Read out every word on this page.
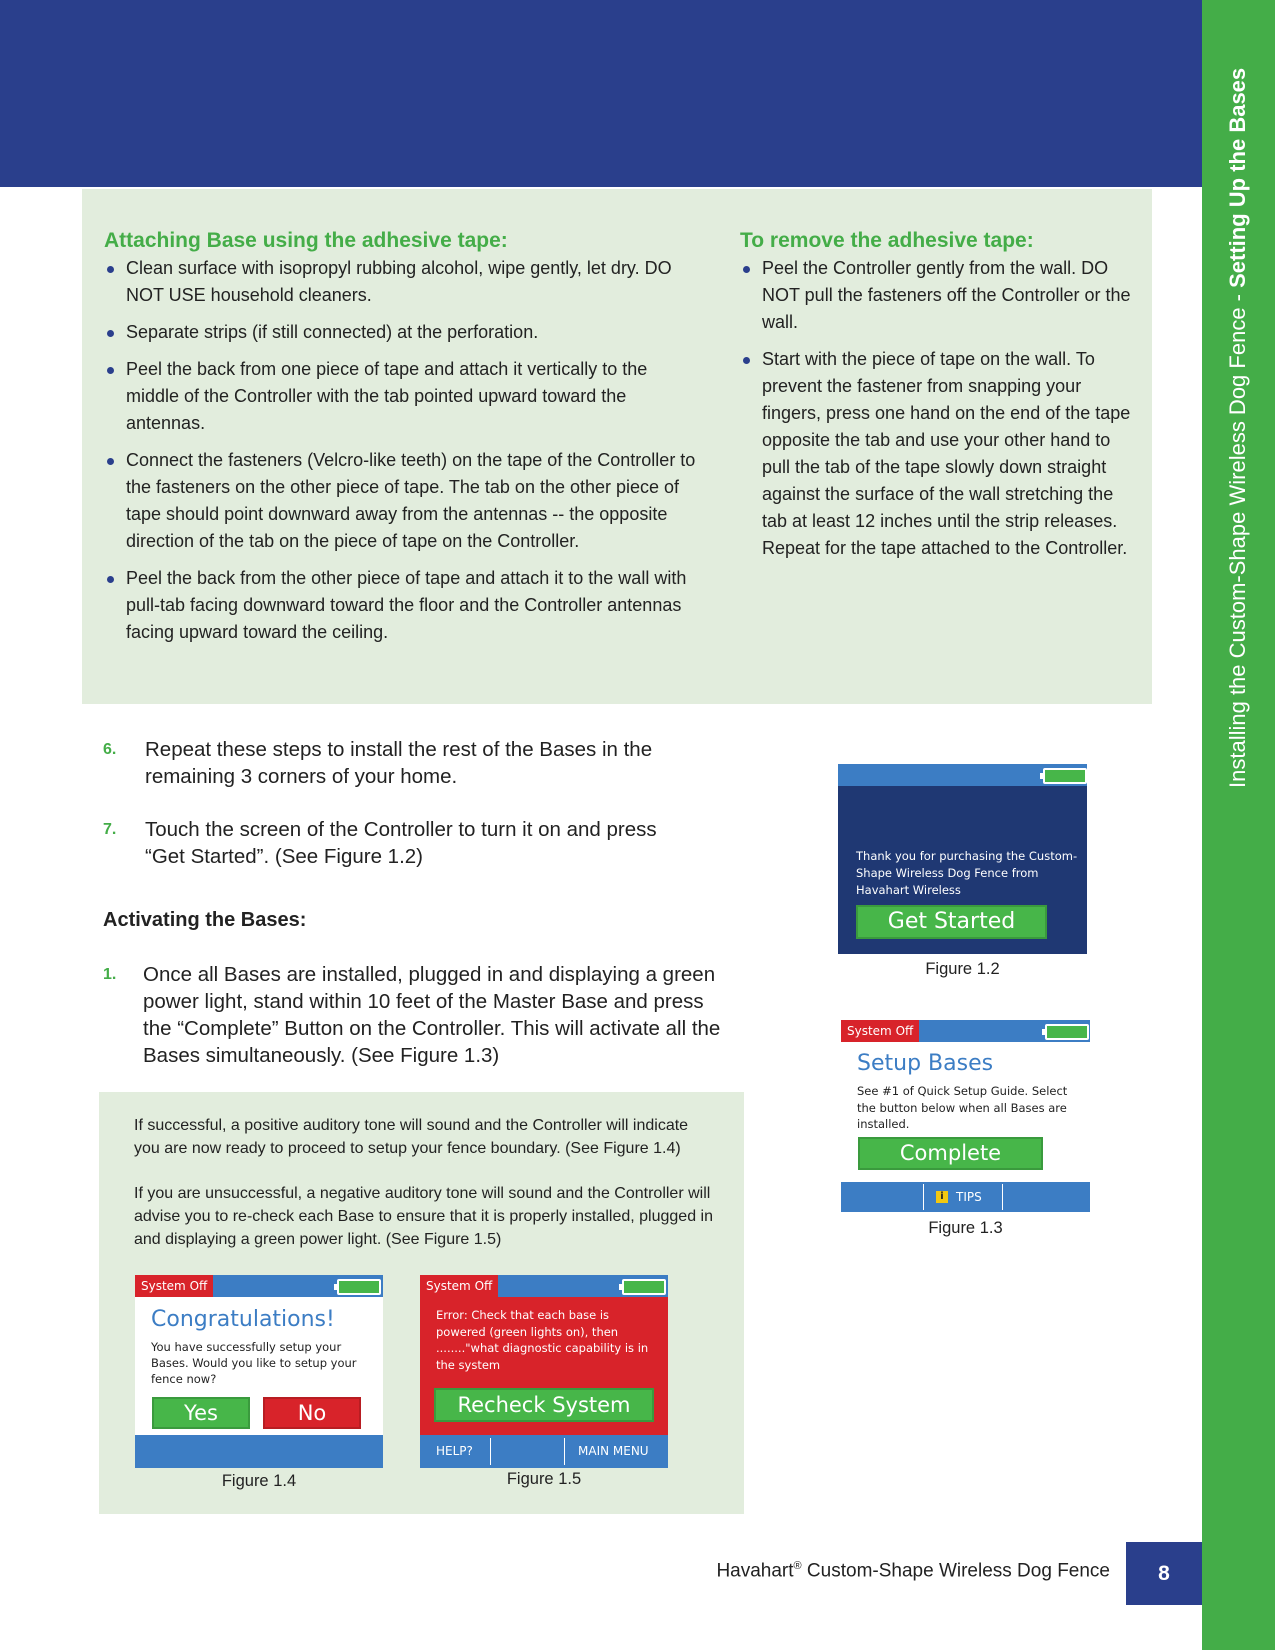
Installing the Custom-Shape Wireless Dog Fence - Setting Up the Bases
Attaching Base using the adhesive tape:
Clean surface with isopropyl rubbing alcohol, wipe gently, let dry. DO NOT USE household cleaners.
Separate strips (if still connected) at the perforation.
Peel the back from one piece of tape and attach it vertically to the middle of the Controller with the tab pointed upward toward the antennas.
Connect the fasteners (Velcro-like teeth) on the tape of the Controller to the fasteners on the other piece of tape. The tab on the other piece of tape should point downward away from the antennas -- the opposite direction of the tab on the piece of tape on the Controller.
Peel the back from the other piece of tape and attach it to the wall with pull-tab facing downward toward the floor and the Controller antennas facing upward toward the ceiling.
To remove the adhesive tape:
Peel the Controller gently from the wall. DO NOT pull the fasteners off the Controller or the wall.
Start with the piece of tape on the wall. To prevent the fastener from snapping your fingers, press one hand on the end of the tape opposite the tab and use your other hand to pull the tab of the tape slowly down straight against the surface of the wall stretching the tab at least 12 inches until the strip releases. Repeat for the tape attached to the Controller.
6. Repeat these steps to install the rest of the Bases in the remaining 3 corners of your home.
7. Touch the screen of the Controller to turn it on and press “Get Started”. (See Figure 1.2)
Activating the Bases:
1. Once all Bases are installed, plugged in and displaying a green power light, stand within 10 feet of the Master Base and press the “Complete” Button on the Controller. This will activate all the Bases simultaneously. (See Figure 1.3)

If successful, a positive auditory tone will sound and the Controller will indicate you are now ready to proceed to setup your fence boundary. (See Figure 1.4)

If you are unsuccessful, a negative auditory tone will sound and the Controller will advise you to re-check each Base to ensure that it is properly installed, plugged in and displaying a green power light. (See Figure 1.5)

System Off
Congratulations!
You have successfully setup your Bases. Would you like to setup your fence now?
Yes	No
Figure 1.4
System Off
Error: Check that each base is powered (green lights on), then ........"what diagnostic capability is in the system
Recheck System
HELP?	MAIN MENU
Figure 1.5
Thank you for purchasing the Custom-Shape Wireless Dog Fence from Havahart Wireless
Get Started
Figure 1.2
System Off
Setup Bases
See #1 of Quick Setup Guide. Select the button below when all Bases are installed.
Complete
i	TIPS
Figure 1.3
Havahart® Custom-Shape Wireless Dog Fence	8
